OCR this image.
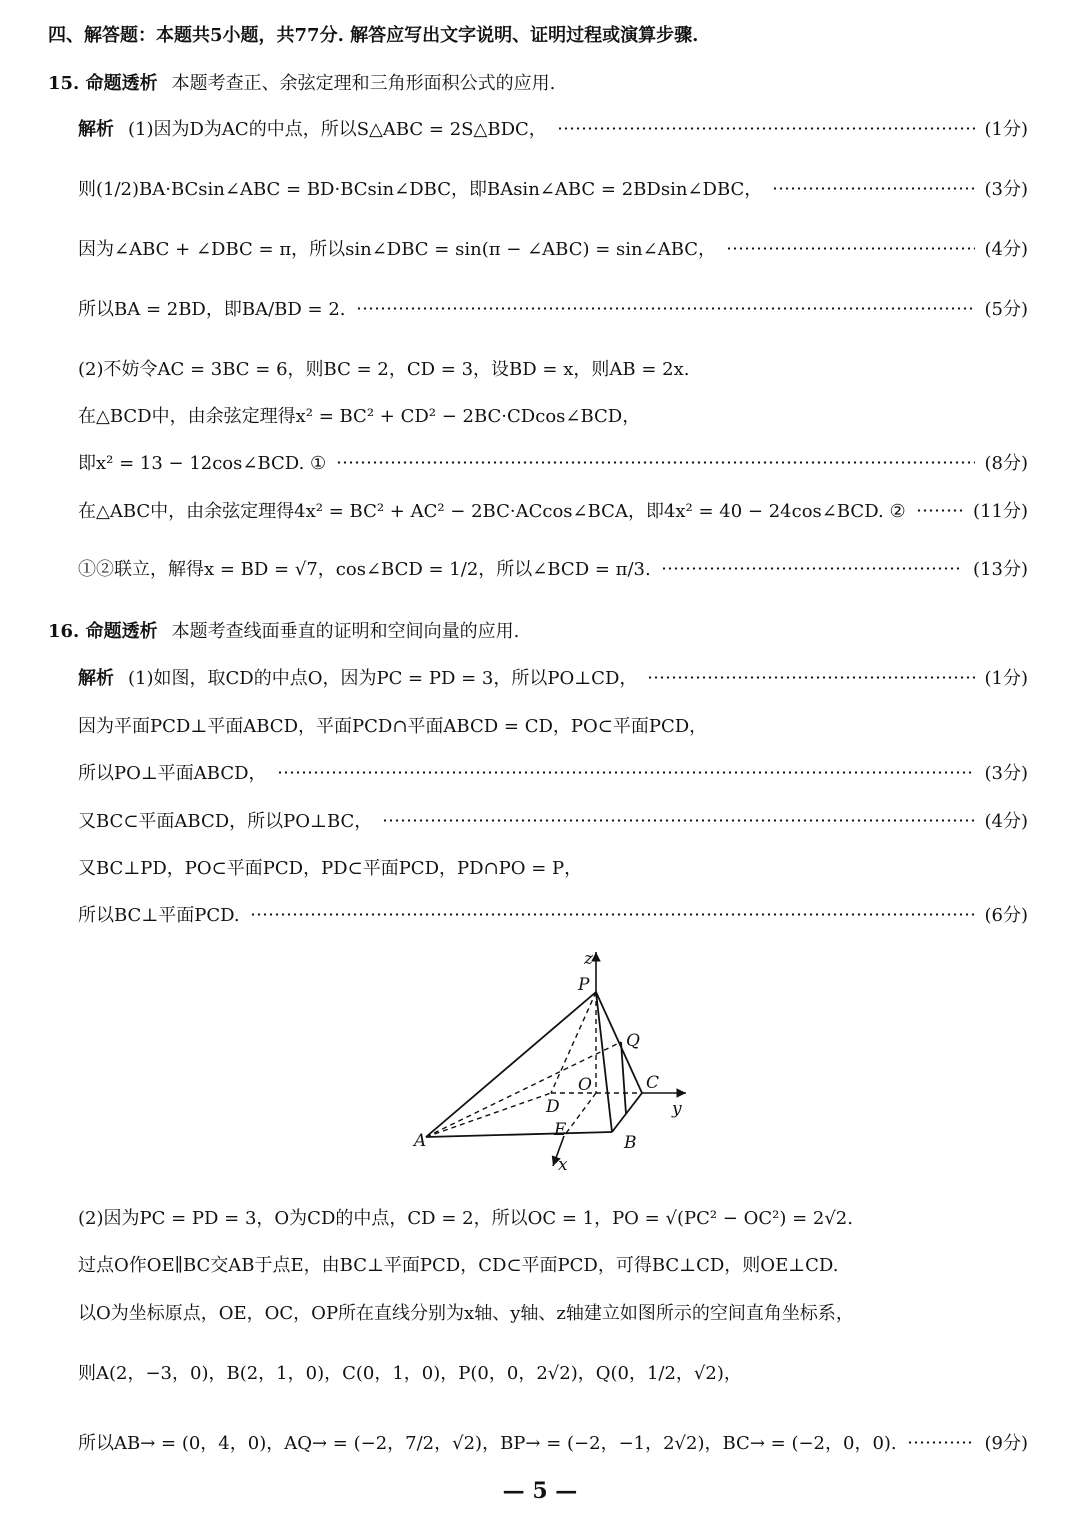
四、解答题：本题共5小题，共77分. 解答应写出文字说明、证明过程或演算步骤.
15. 命题透析 本题考查正、余弦定理和三角形面积公式的应用.
解析 (1)因为D为AC的中点，所以S△ABC = 2S△BDC，	(1分)
则(1/2)BA·BCsin∠ABC = BD·BCsin∠DBC，即BAsin∠ABC = 2BDsin∠DBC，	(3分)
因为∠ABC + ∠DBC = π，所以sin∠DBC = sin(π − ∠ABC) = sin∠ABC，	(4分)
所以BA = 2BD，即BA/BD = 2.	(5分)
(2)不妨令AC = 3BC = 6，则BC = 2，CD = 3，设BD = x，则AB = 2x.
在△BCD中，由余弦定理得x² = BC² + CD² − 2BC·CDcos∠BCD，
即x² = 13 − 12cos∠BCD. ①	(8分)
在△ABC中，由余弦定理得4x² = BC² + AC² − 2BC·ACcos∠BCA，即4x² = 40 − 24cos∠BCD. ②	(11分)
①②联立，解得x = BD = √7，cos∠BCD = 1/2，所以∠BCD = π/3.	(13分)
16. 命题透析 本题考查线面垂直的证明和空间向量的应用.
解析 (1)如图，取CD的中点O，因为PC = PD = 3，所以PO⊥CD，	(1分)
因为平面PCD⊥平面ABCD，平面PCD∩平面ABCD = CD，PO⊂平面PCD，
所以PO⊥平面ABCD，	(3分)
又BC⊂平面ABCD，所以PO⊥BC，	(4分)
又BC⊥PD，PO⊂平面PCD，PD⊂平面PCD，PD∩PO = P，
所以BC⊥平面PCD.	(6分)
z
P
Q
O	C
y
D
E
A	B
x
(2)因为PC = PD = 3，O为CD的中点，CD = 2，所以OC = 1，PO = √(PC² − OC²) = 2√2.
过点O作OE∥BC交AB于点E，由BC⊥平面PCD，CD⊂平面PCD，可得BC⊥CD，则OE⊥CD.
以O为坐标原点，OE，OC，OP所在直线分别为x轴、y轴、z轴建立如图所示的空间直角坐标系，
则A(2，−3，0)，B(2，1，0)，C(0，1，0)，P(0，0，2√2)，Q(0，1/2，√2)，
所以AB→ = (0，4，0)，AQ→ = (−2，7/2，√2)，BP→ = (−2，−1，2√2)，BC→ = (−2，0，0).	(9分)
— 5 —
